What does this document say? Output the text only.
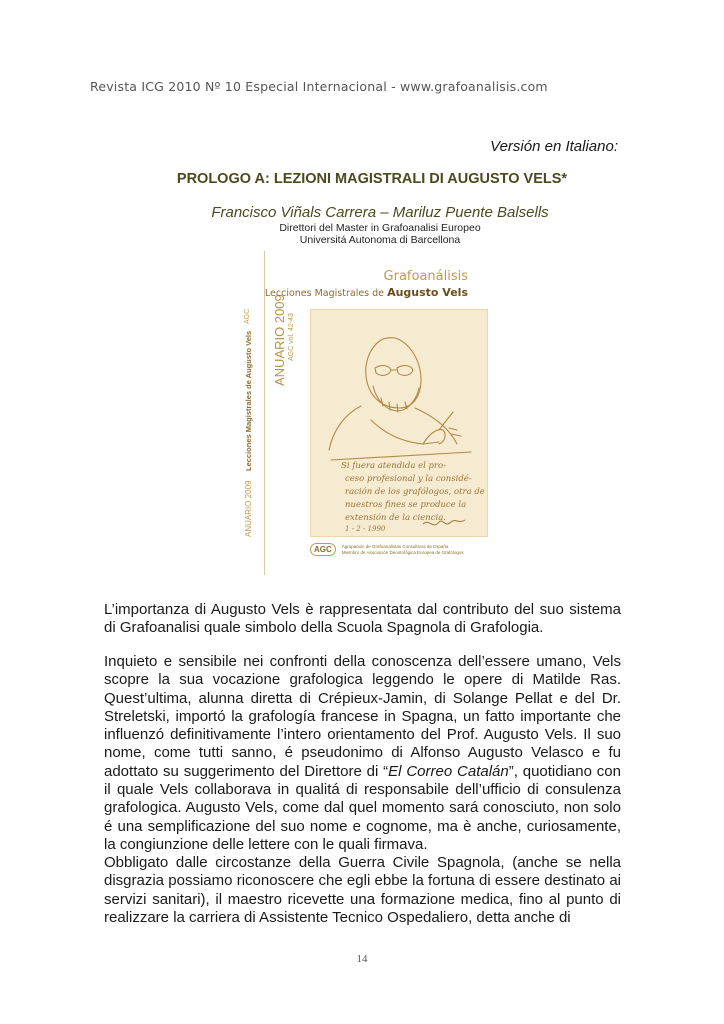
Revista ICG 2010 Nº 10 Especial Internacional - www.grafoanalisis.com
Versión en Italiano:
PROLOGO A: LEZIONI MAGISTRALI DI AUGUSTO VELS*
Francisco Viñals Carrera – Mariluz Puente Balsells
Direttori del Master in Grafoanalisi Europeo
Universitá Autonoma di Barcellona
ANUARIO 2009
Lecciones Magistrales de Augusto Vels
AGC ANUARIO 2009 AGC vol. 42-43
Grafoanálisis
Lecciones Magistrales de Augusto Vels
Si fuera atendida el pro-
ceso profesional y la considé-
ración de los grafólogos, otra de
nuestros fines se produce la
extensión de la ciencia.
1 - 2 - 1990
AGC	Agrupación de Grafoanalistas Consultivos de España
Miembro de Asociación Deontológica Europea de Grafólogos

L’importanza di Augusto Vels è rappresentata dal contributo del suo sistema di Grafoanalisi quale simbolo della Scuola Spagnola di Grafologia.

Inquieto e sensibile nei confronti della conoscenza dell’essere umano, Vels scopre la sua vocazione grafologica leggendo le opere di Matilde Ras. Quest’ultima, alunna diretta di Crépieux-Jamin, di Solange Pellat e del Dr. Streletski, importó la grafología francese in Spagna, un fatto importante che influenzó definitivamente l’intero orientamento del Prof. Augusto Vels. Il suo nome, come tutti sanno, é pseudonimo di Alfonso Augusto Velasco e fu adottato su suggerimento del Direttore di “El Correo Catalán”, quotidiano con il quale Vels collaborava in qualitá di responsabile dell’ufficio di consulenza grafologica. Augusto Vels, come dal quel momento sará conosciuto, non solo é una semplificazione del suo nome e cognome, ma è anche, curiosamente, la congiunzione delle lettere con le quali firmava.

Obbligato dalle circostanze della Guerra Civile Spagnola, (anche se nella disgrazia possiamo riconoscere che egli ebbe la fortuna di essere destinato ai servizi sanitari), il maestro ricevette una formazione medica, fino al punto di realizzare la carriera di Assistente Tecnico Ospedaliero, detta anche di

14
